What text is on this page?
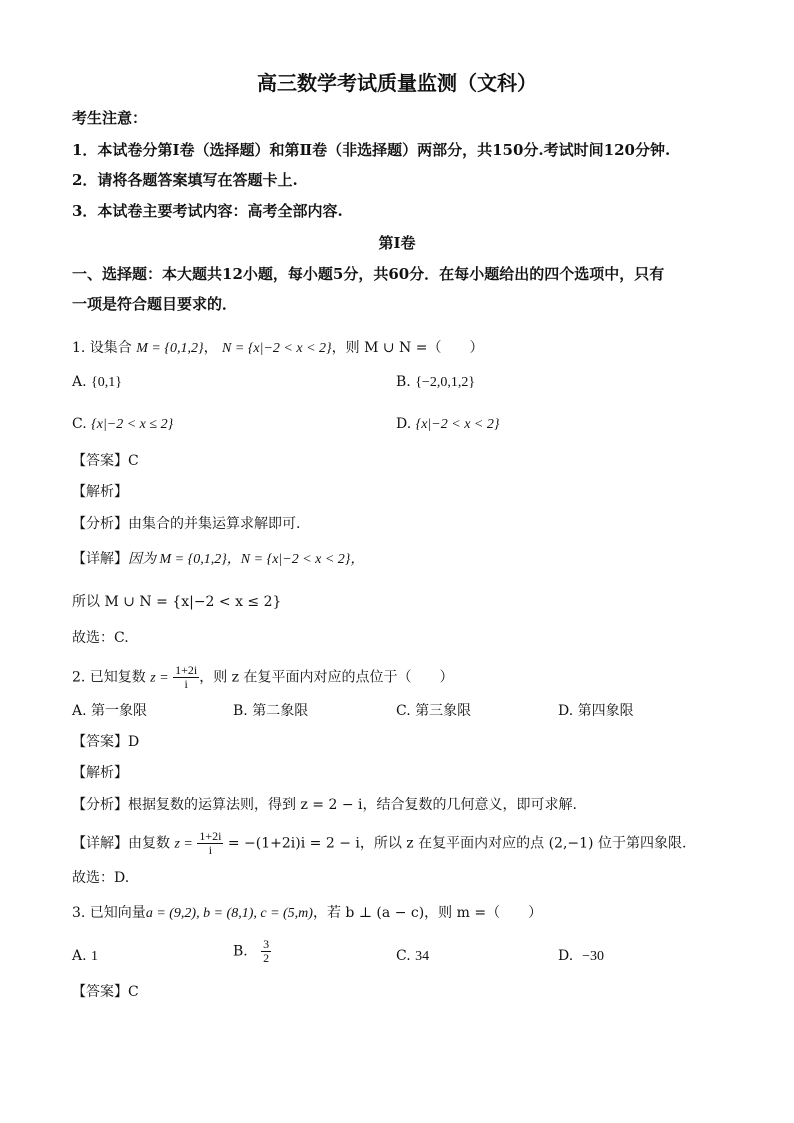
高三数学考试质量监测（文科）
考生注意：
1．本试卷分第Ⅰ卷（选择题）和第Ⅱ卷（非选择题）两部分，共150分.考试时间120分钟.
2．请将各题答案填写在答题卡上.
3．本试卷主要考试内容：高考全部内容.
第Ⅰ卷
一、选择题：本大题共12小题，每小题5分，共60分．在每小题给出的四个选项中，只有
一项是符合题目要求的．
1. 设集合 M = {0,1,2}， N = {x|−2 < x < 2}，则 M ∪ N =（　　）
A. {0,1}	B. {−2,0,1,2}
C. {x|−2 < x ≤ 2}	D. {x|−2 < x < 2}
【答案】C
【解析】
【分析】由集合的并集运算求解即可.
【详解】因为 M = {0,1,2}，N = {x|−2 < x < 2}，
所以 M ∪ N = {x|−2 < x ≤ 2}
故选：C.
2. 已知复数 $z = \frac{1+2i}{i}$ ，则 z 在复平面内对应的点位于（　　）
A. 第一象限	B. 第二象限	C. 第三象限	D. 第四象限
【答案】D
【解析】
【分析】根据复数的运算法则，得到 z = 2 − i，结合复数的几何意义，即可求解.
【详解】由复数 $z = \frac{1+2i}{i} = -(1+2i)i = 2 - i$，所以 z 在复平面内对应的点 (2,−1) 位于第四象限.
故选：D.
3. 已知向量a = (9,2), b = (8,1), c = (5,m)，若 b ⊥ (a − c)，则 m =（　　）
A. 1	B. $\frac{3}{2}$	C. 34	D. −30
【答案】C
